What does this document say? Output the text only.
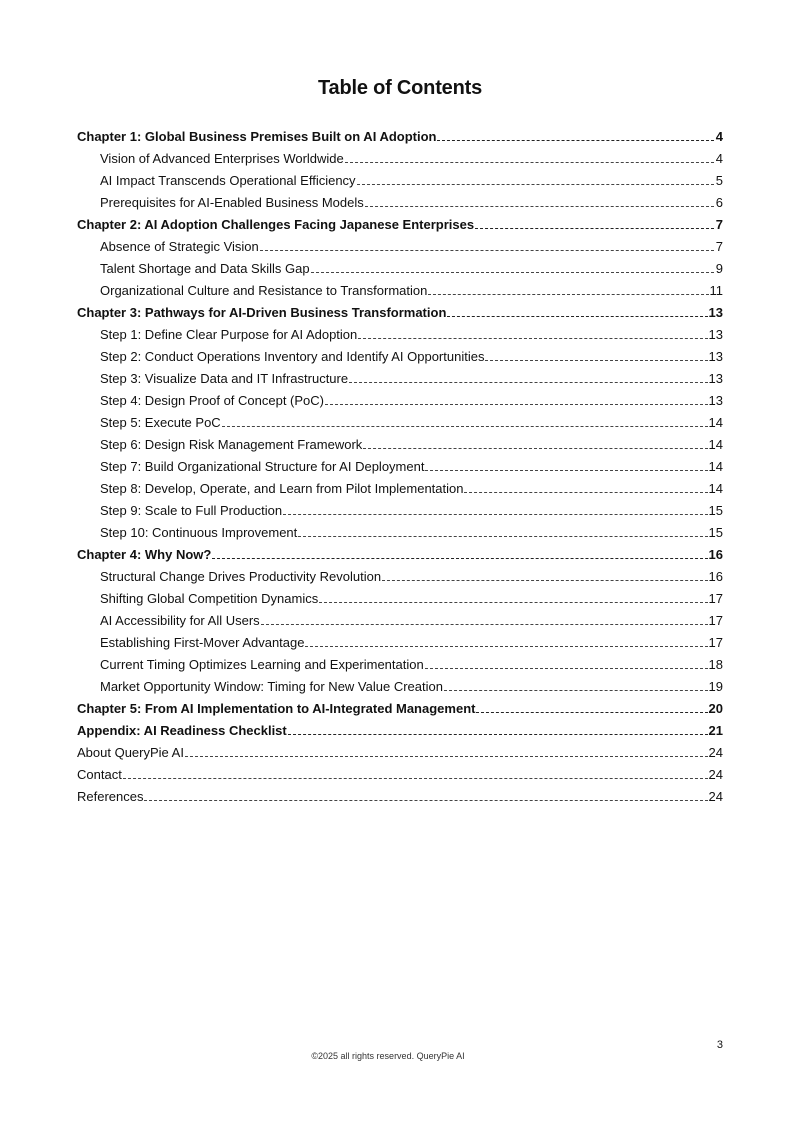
Table of Contents
Chapter 1: Global Business Premises Built on AI Adoption	4
Vision of Advanced Enterprises Worldwide	4
AI Impact Transcends Operational Efficiency	5
Prerequisites for AI-Enabled Business Models	6
Chapter 2: AI Adoption Challenges Facing Japanese Enterprises	7
Absence of Strategic Vision	7
Talent Shortage and Data Skills Gap	9
Organizational Culture and Resistance to Transformation	11
Chapter 3: Pathways for AI-Driven Business Transformation	13
Step 1: Define Clear Purpose for AI Adoption	13
Step 2: Conduct Operations Inventory and Identify AI Opportunities	13
Step 3: Visualize Data and IT Infrastructure	13
Step 4: Design Proof of Concept (PoC)	13
Step 5: Execute PoC	14
Step 6: Design Risk Management Framework	14
Step 7: Build Organizational Structure for AI Deployment	14
Step 8: Develop, Operate, and Learn from Pilot Implementation	14
Step 9: Scale to Full Production	15
Step 10: Continuous Improvement	15
Chapter 4: Why Now?	16
Structural Change Drives Productivity Revolution	16
Shifting Global Competition Dynamics	17
AI Accessibility for All Users	17
Establishing First-Mover Advantage	17
Current Timing Optimizes Learning and Experimentation	18
Market Opportunity Window: Timing for New Value Creation	19
Chapter 5: From AI Implementation to AI-Integrated Management	20
Appendix: AI Readiness Checklist	21
About QueryPie AI	24
Contact	24
References	24
3
©2025 all rights reserved. QueryPie AI
